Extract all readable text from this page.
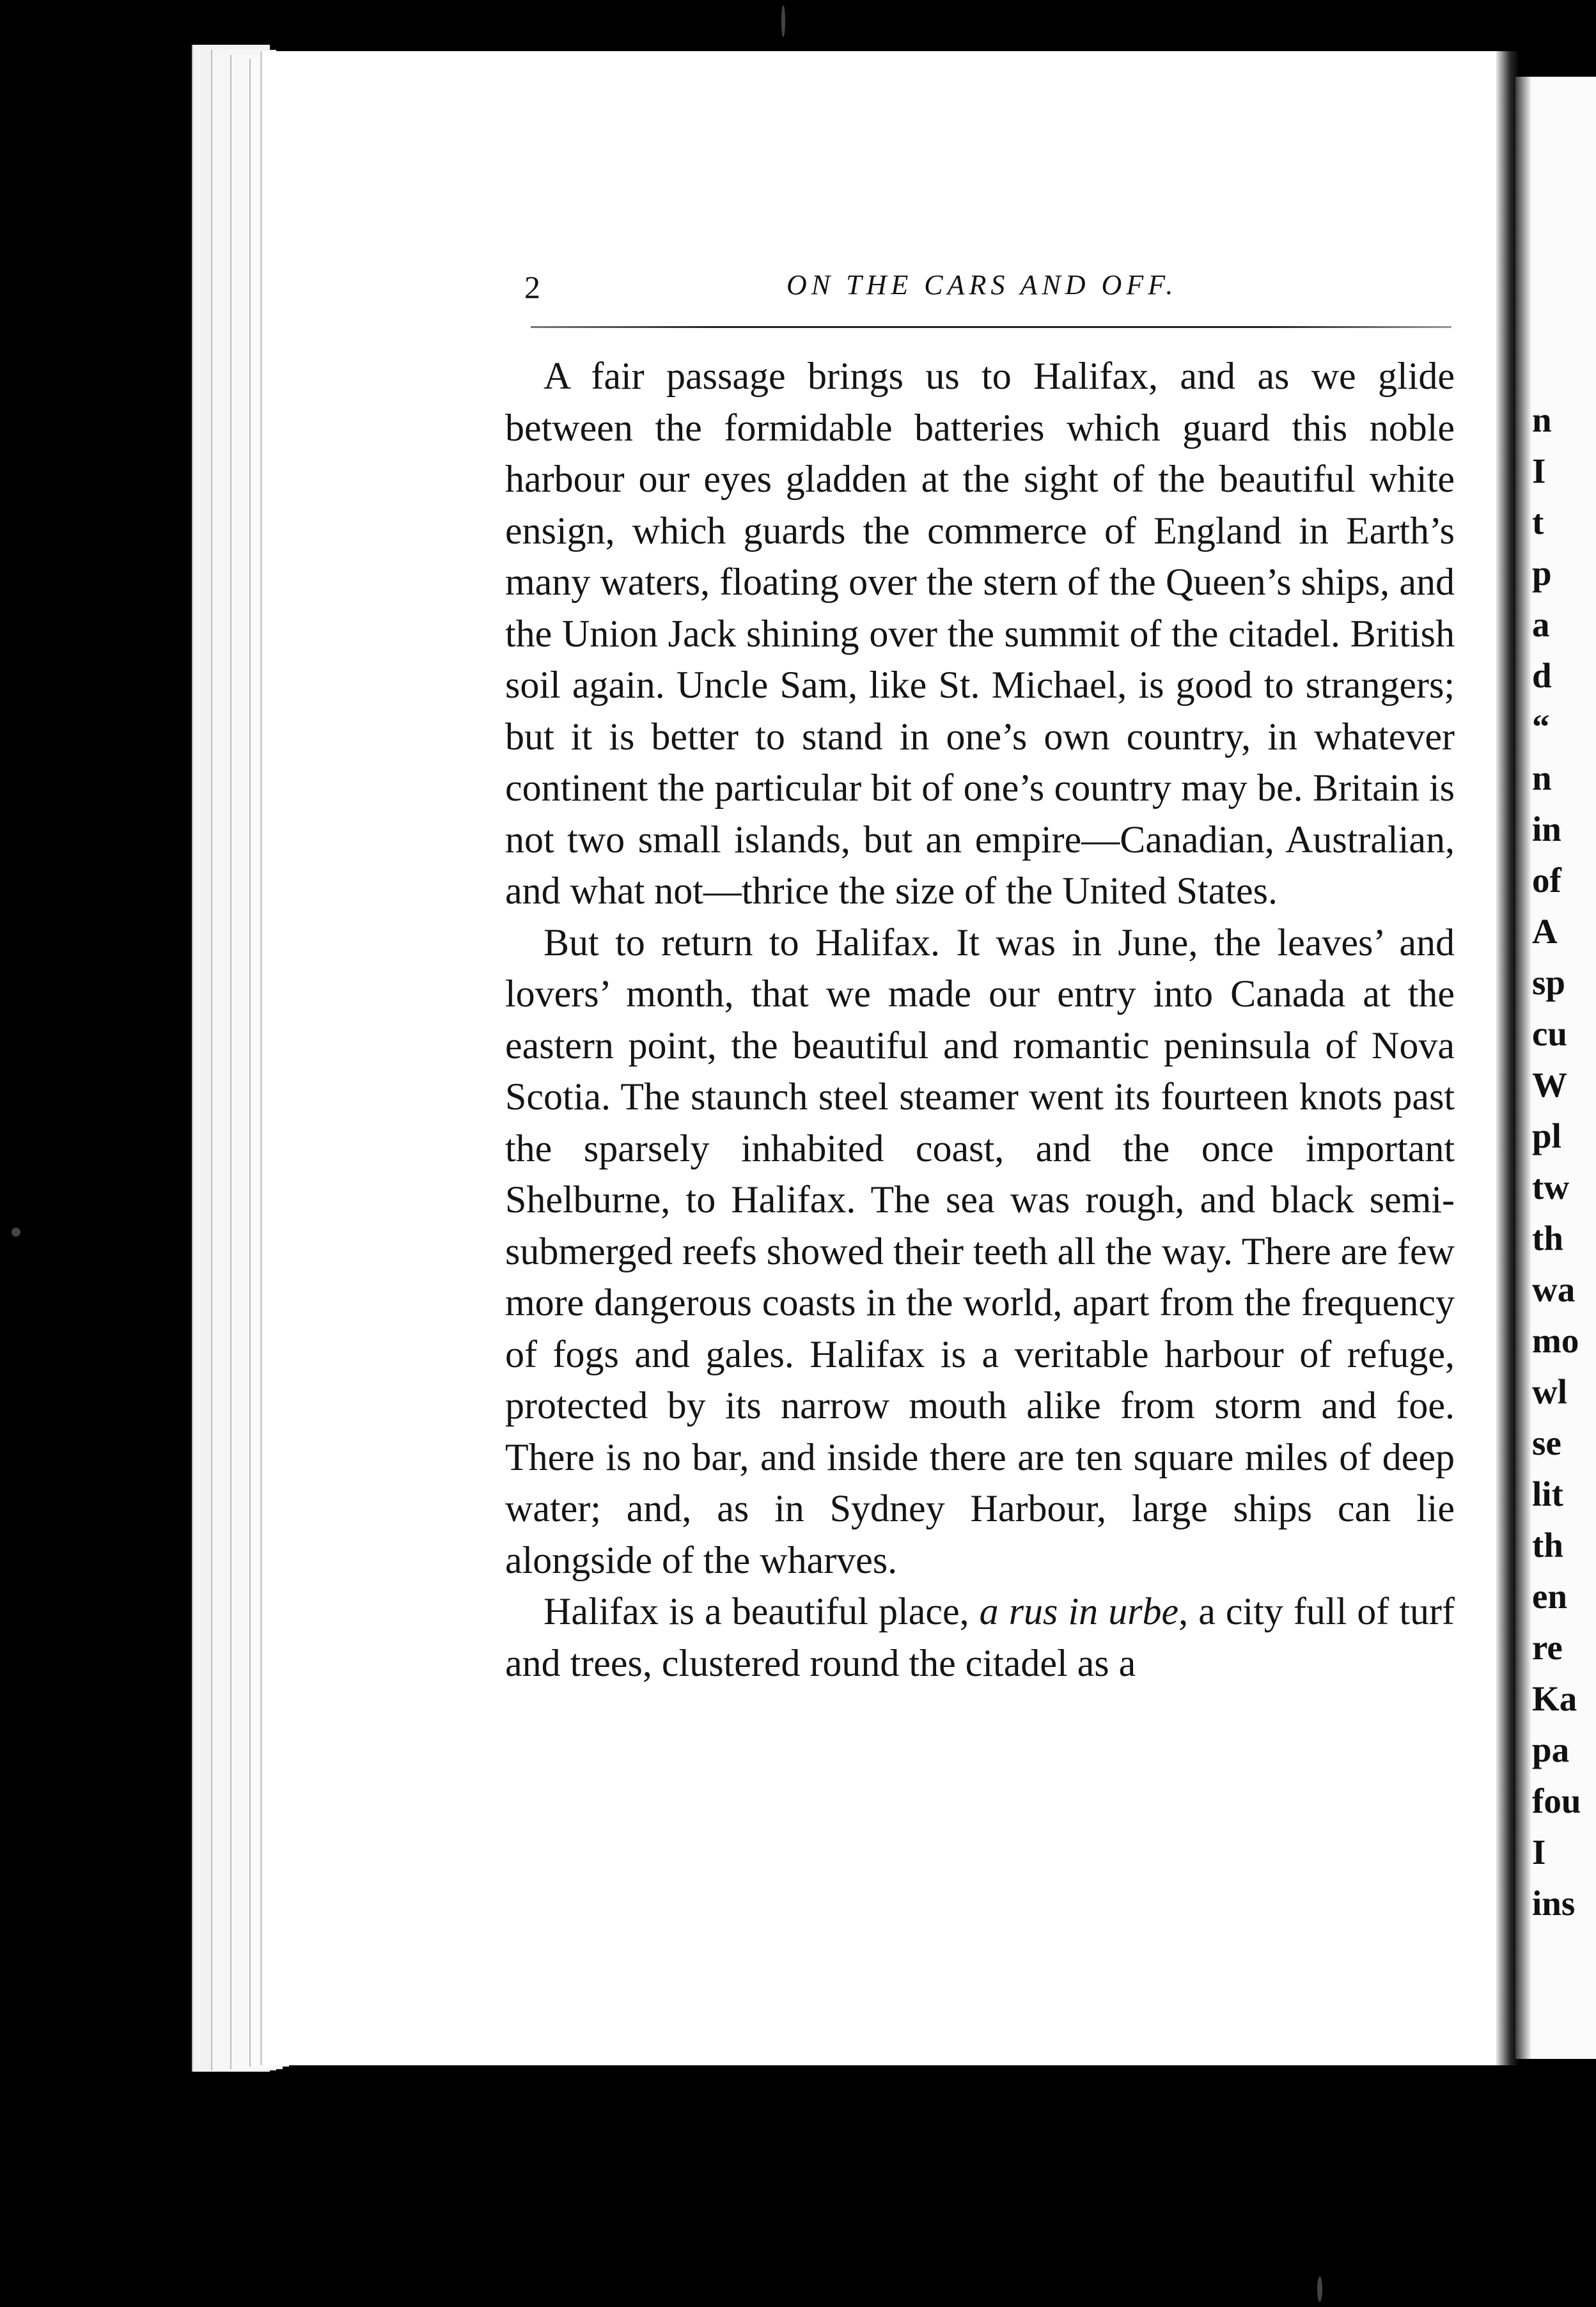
n
I
t
p
a
d
“
n
in
of
A
sp
cu
W
pl
tw
th
wa
mo
wl
se
lit
th
en
re
Ka
pa
fou
I
ins
2	ON THE CARS AND OFF.

A fair passage brings us to Halifax, and as we glide between the formidable batteries which guard this noble harbour our eyes gladden at the sight of the beautiful white ensign, which guards the commerce of England in Earth’s many waters, floating over the stern of the Queen’s ships, and the Union Jack shining over the summit of the citadel. British soil again. Uncle Sam, like St. Michael, is good to strangers; but it is better to stand in one’s own country, in whatever continent the particular bit of one’s country may be. Britain is not two small islands, but an empire—Canadian, Australian, and what not—thrice the size of the United States.

But to return to Halifax. It was in June, the leaves’ and lovers’ month, that we made our entry into Canada at the eastern point, the beautiful and romantic peninsula of Nova Scotia. The staunch steel steamer went its fourteen knots past the sparsely inhabited coast, and the once important Shelburne, to Halifax. The sea was rough, and black semi-submerged reefs showed their teeth all the way. There are few more dangerous coasts in the world, apart from the frequency of fogs and gales. Halifax is a veritable harbour of refuge, protected by its narrow mouth alike from storm and foe. There is no bar, and inside there are ten square miles of deep water; and, as in Sydney Harbour, large ships can lie alongside of the wharves.

Halifax is a beautiful place, a rus in urbe, a city full of turf and trees, clustered round the citadel as a
